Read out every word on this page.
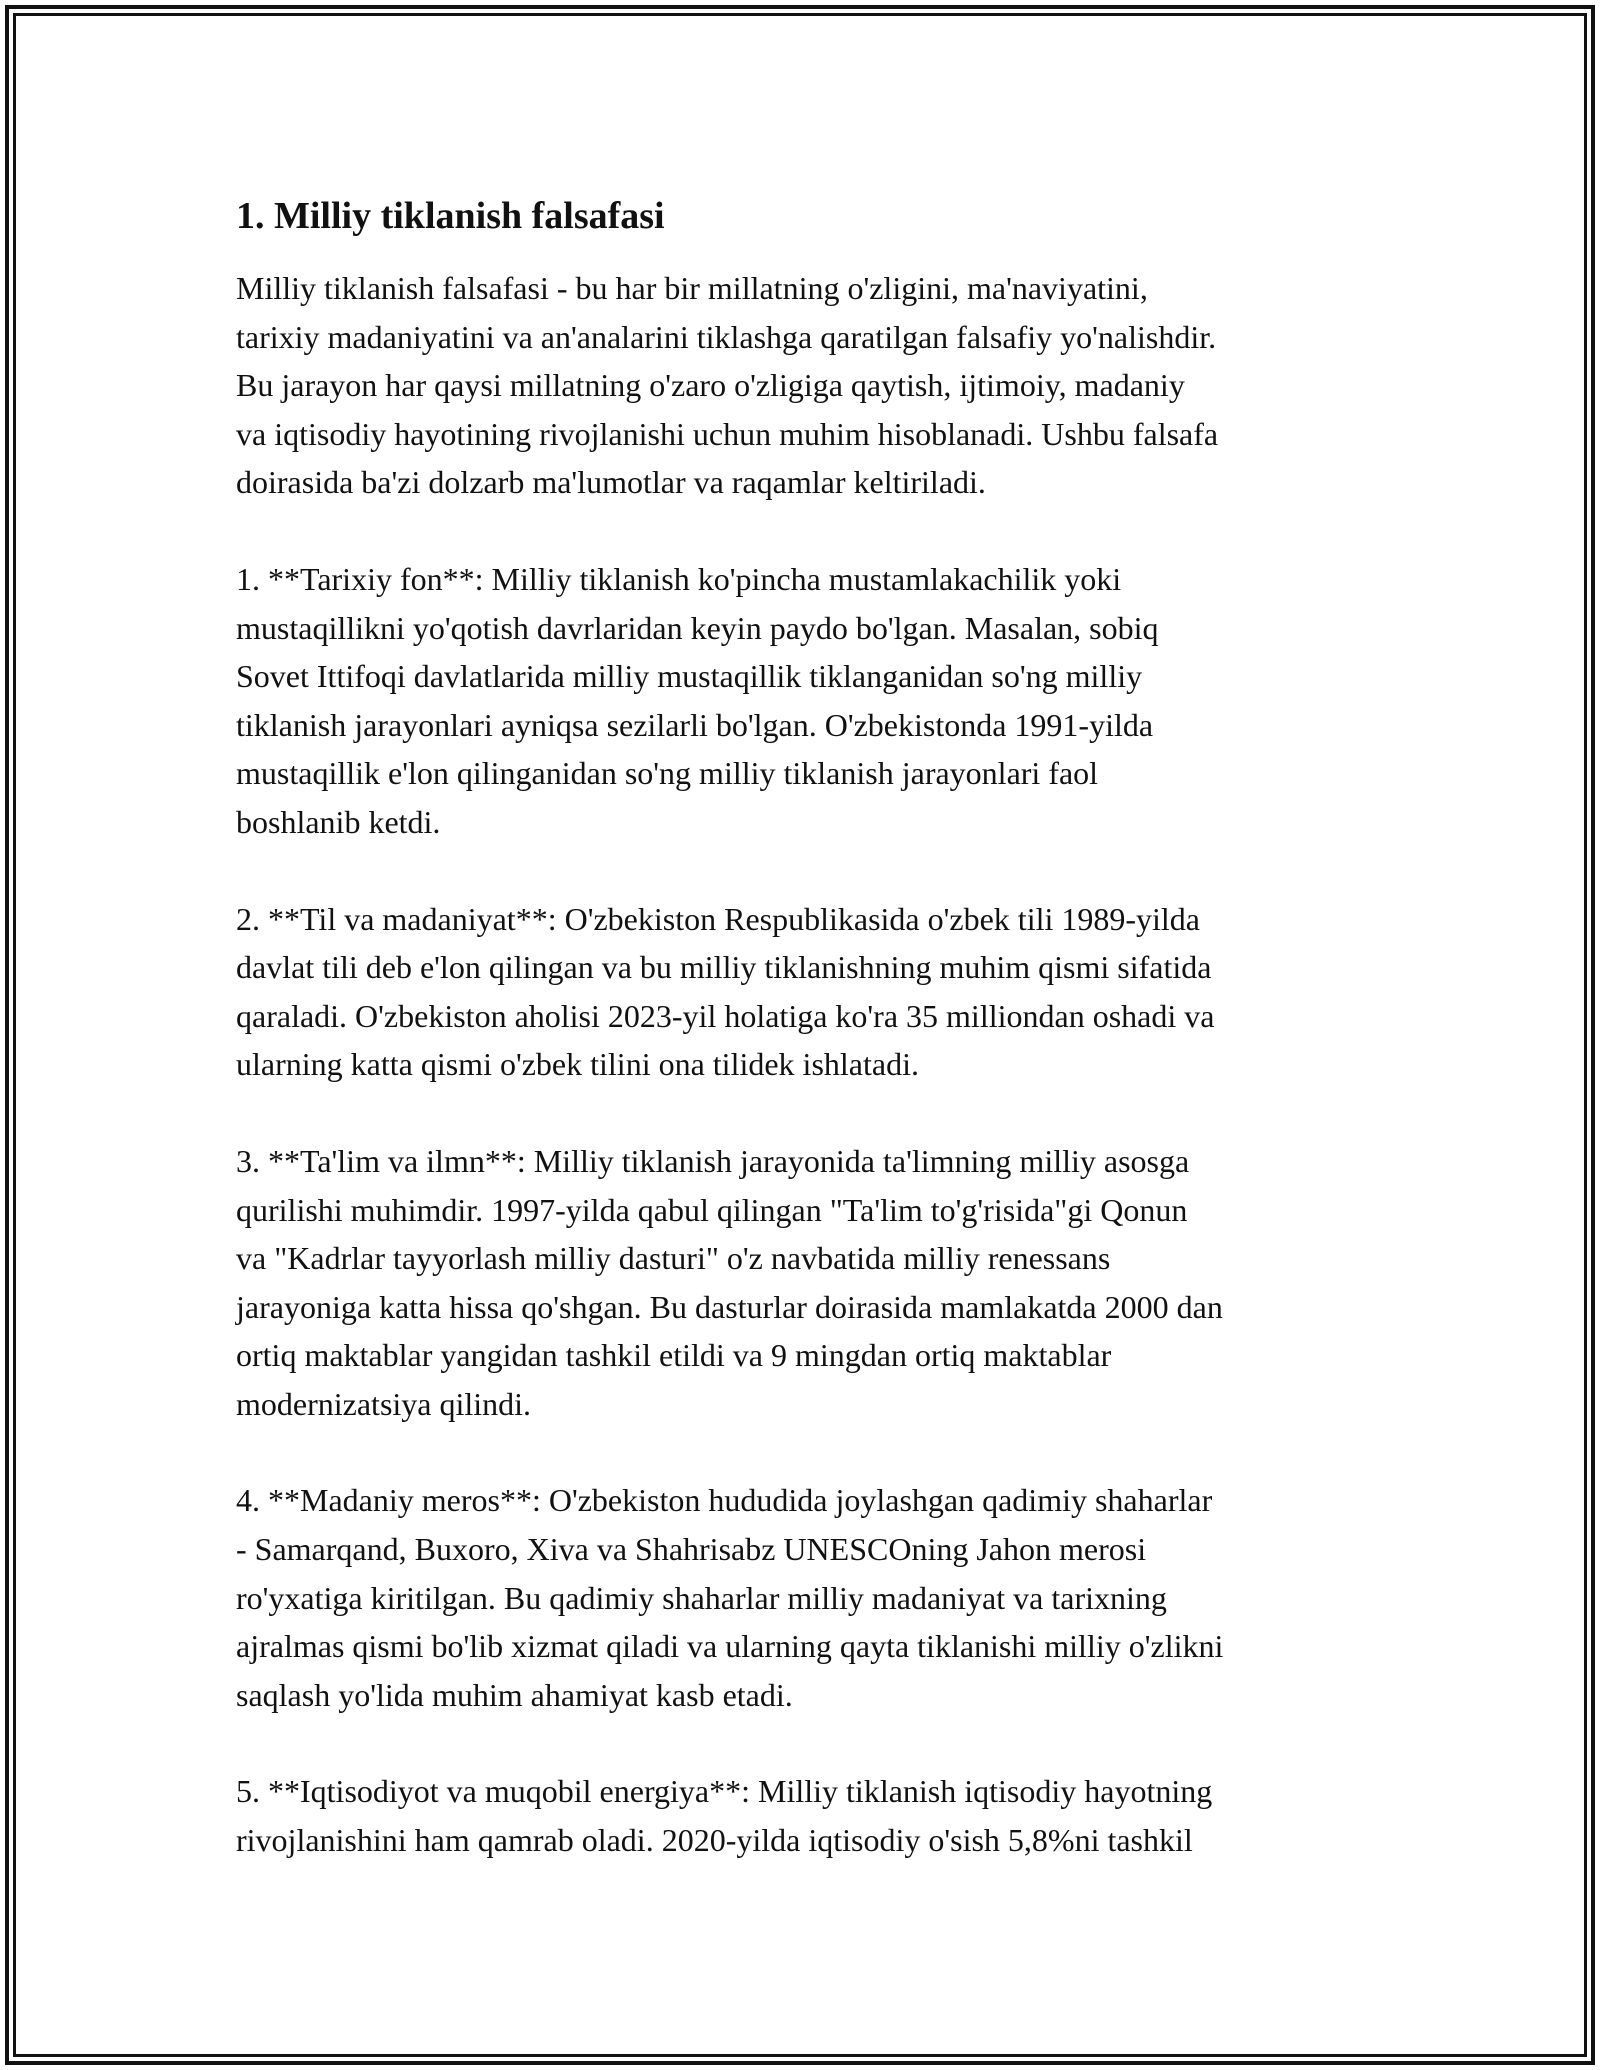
1. Milliy tiklanish falsafasi

Milliy tiklanish falsafasi - bu har bir millatning o'zligini, ma'naviyatini,
tarixiy madaniyatini va an'analarini tiklashga qaratilgan falsafiy yo'nalishdir.
Bu jarayon har qaysi millatning o'zaro o'zligiga qaytish, ijtimoiy, madaniy
va iqtisodiy hayotining rivojlanishi uchun muhim hisoblanadi. Ushbu falsafa
doirasida ba'zi dolzarb ma'lumotlar va raqamlar keltiriladi.

1. **Tarixiy fon**: Milliy tiklanish ko'pincha mustamlakachilik yoki
mustaqillikni yo'qotish davrlaridan keyin paydo bo'lgan. Masalan, sobiq
Sovet Ittifoqi davlatlarida milliy mustaqillik tiklanganidan so'ng milliy
tiklanish jarayonlari ayniqsa sezilarli bo'lgan. O'zbekistonda 1991-yilda
mustaqillik e'lon qilinganidan so'ng milliy tiklanish jarayonlari faol
boshlanib ketdi.

2. **Til va madaniyat**: O'zbekiston Respublikasida o'zbek tili 1989-yilda
davlat tili deb e'lon qilingan va bu milliy tiklanishning muhim qismi sifatida
qaraladi. O'zbekiston aholisi 2023-yil holatiga ko'ra 35 milliondan oshadi va
ularning katta qismi o'zbek tilini ona tilidek ishlatadi.

3. **Ta'lim va ilmn**: Milliy tiklanish jarayonida ta'limning milliy asosga
qurilishi muhimdir. 1997-yilda qabul qilingan "Ta'lim to'g'risida"gi Qonun
va "Kadrlar tayyorlash milliy dasturi" o'z navbatida milliy renessans
jarayoniga katta hissa qo'shgan. Bu dasturlar doirasida mamlakatda 2000 dan
ortiq maktablar yangidan tashkil etildi va 9 mingdan ortiq maktablar
modernizatsiya qilindi.

4. **Madaniy meros**: O'zbekiston hududida joylashgan qadimiy shaharlar
- Samarqand, Buxoro, Xiva va Shahrisabz UNESCOning Jahon merosi
ro'yxatiga kiritilgan. Bu qadimiy shaharlar milliy madaniyat va tarixning
ajralmas qismi bo'lib xizmat qiladi va ularning qayta tiklanishi milliy o'zlikni
saqlash yo'lida muhim ahamiyat kasb etadi.

5. **Iqtisodiyot va muqobil energiya**: Milliy tiklanish iqtisodiy hayotning
rivojlanishini ham qamrab oladi. 2020-yilda iqtisodiy o'sish 5,8%ni tashkil
